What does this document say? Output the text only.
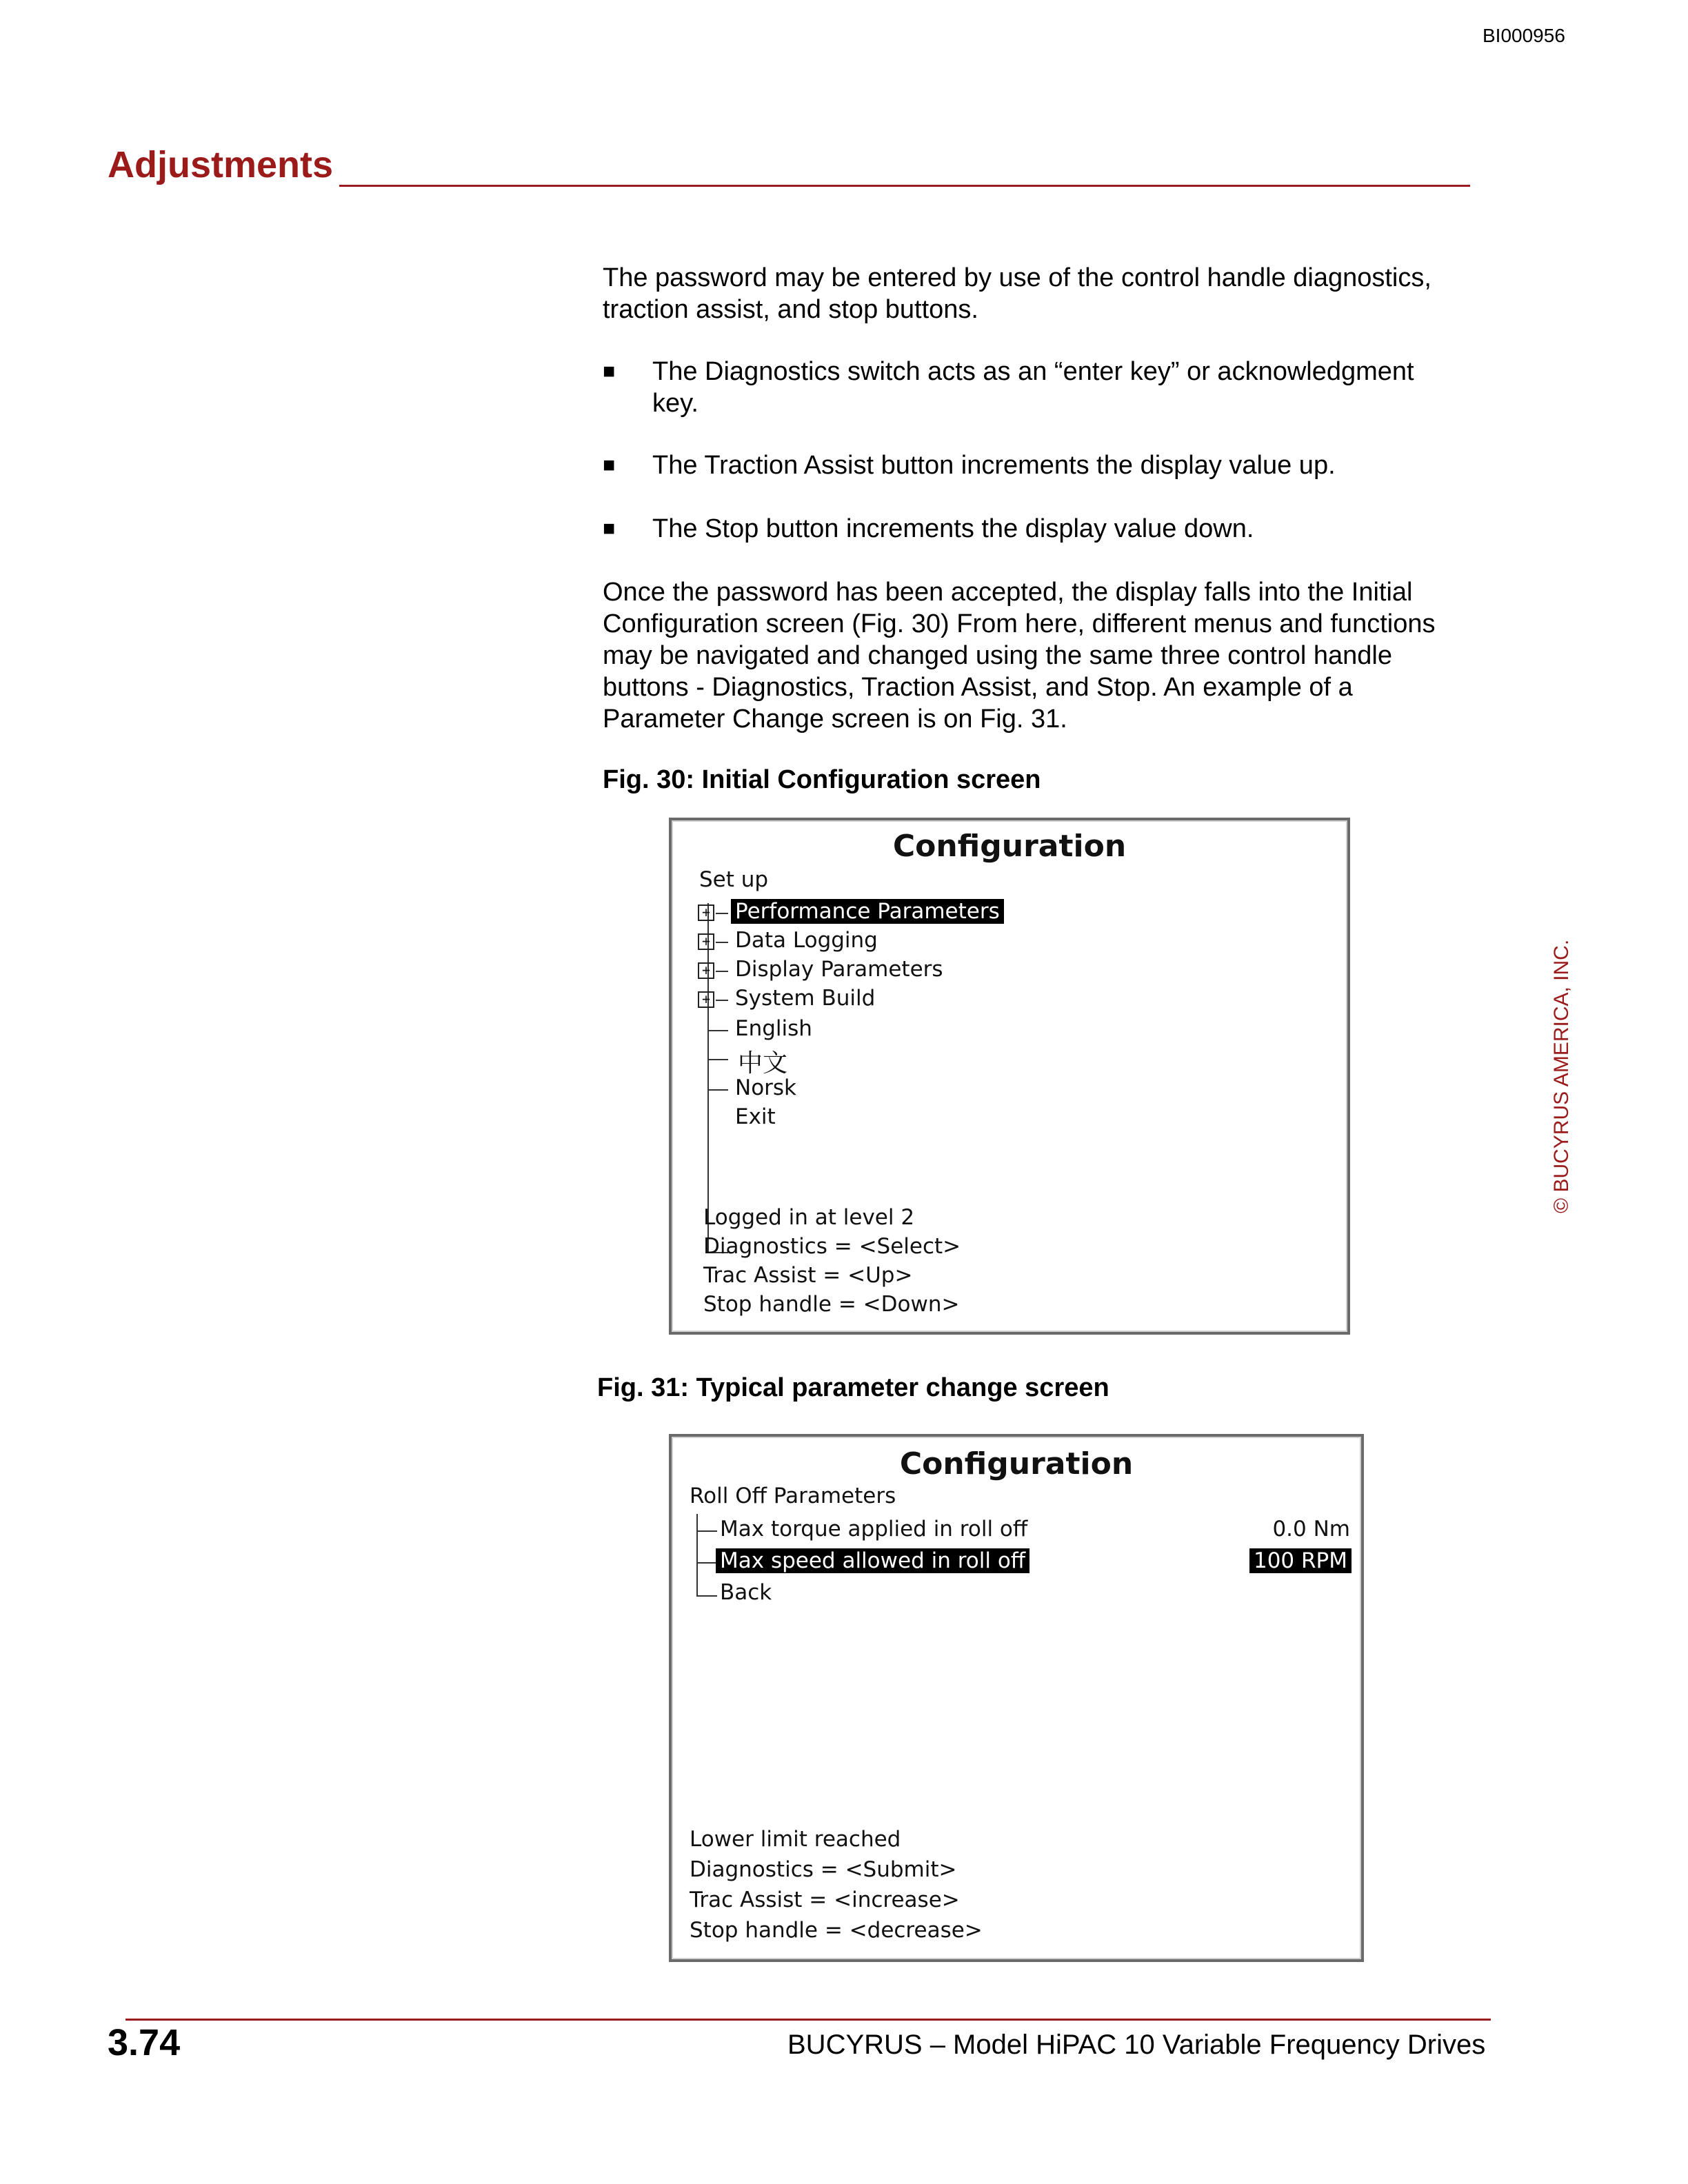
BI000956
Adjustments

The password may be entered by use of the control handle diagnostics, traction assist, and stop buttons.

■	The Diagnostics switch acts as an “enter key” or acknowledgment key.
■	The Traction Assist button increments the display value up.
■	The Stop button increments the display value down.

Once the password has been accepted, the display falls into the Initial Configuration screen (Fig. 30) From here, different menus and functions may be navigated and changed using the same three control handle buttons - Diagnostics, Traction Assist, and Stop. An example of a Parameter Change screen is on Fig. 31.

Fig. 30: Initial Configuration screen
Configuration
Set up
+ Performance Parameters
+ Data Logging
+ Display Parameters
+ System Build
English
中文
Norsk
Exit
Logged in at level 2
Diagnostics = <Select>
Trac Assist = <Up>
Stop handle = <Down>
Fig. 31: Typical parameter change screen
Configuration
Roll Off Parameters
Max torque applied in roll off	0.0 Nm
Max speed allowed in roll off	100 RPM
Back
Lower limit reached
Diagnostics = <Submit>
Trac Assist = <increase>
Stop handle = <decrease>
© BUCYRUS AMERICA, INC.
3.74	BUCYRUS – Model HiPAC 10 Variable Frequency Drives
